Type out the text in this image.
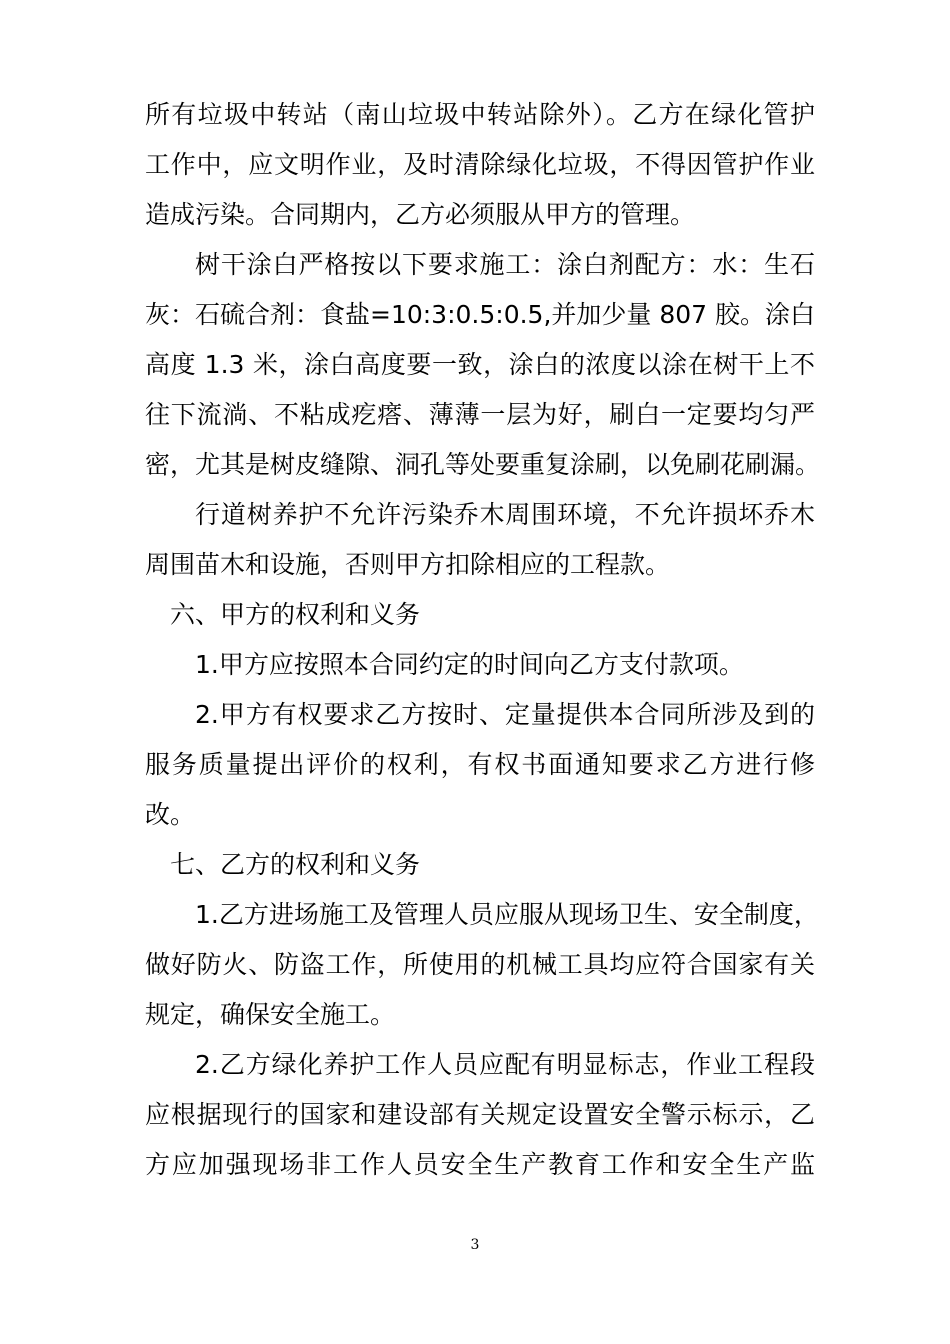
所有垃圾中转站（南山垃圾中转站除外）。乙方在绿化管护
工作中，应文明作业，及时清除绿化垃圾，不得因管护作业
造成污染。合同期内，乙方必须服从甲方的管理。
树干涂白严格按以下要求施工：涂白剂配方：水：生石
灰：石硫合剂：食盐=10:3:0.5:0.5,并加少量 807 胶。涂白
高度 1.3 米，涂白高度要一致，涂白的浓度以涂在树干上不
往下流淌、不粘成疙瘩、薄薄一层为好，刷白一定要均匀严
密，尤其是树皮缝隙、洞孔等处要重复涂刷，以免刷花刷漏。
行道树养护不允许污染乔木周围环境，不允许损坏乔木
周围苗木和设施，否则甲方扣除相应的工程款。
六、甲方的权利和义务
1.甲方应按照本合同约定的时间向乙方支付款项。
2.甲方有权要求乙方按时、定量提供本合同所涉及到的
服务质量提出评价的权利，有权书面通知要求乙方进行修
改。
七、乙方的权利和义务
1.乙方进场施工及管理人员应服从现场卫生、安全制度，
做好防火、防盗工作，所使用的机械工具均应符合国家有关
规定，确保安全施工。
2.乙方绿化养护工作人员应配有明显标志，作业工程段
应根据现行的国家和建设部有关规定设置安全警示标示，乙
方应加强现场非工作人员安全生产教育工作和安全生产监
3
